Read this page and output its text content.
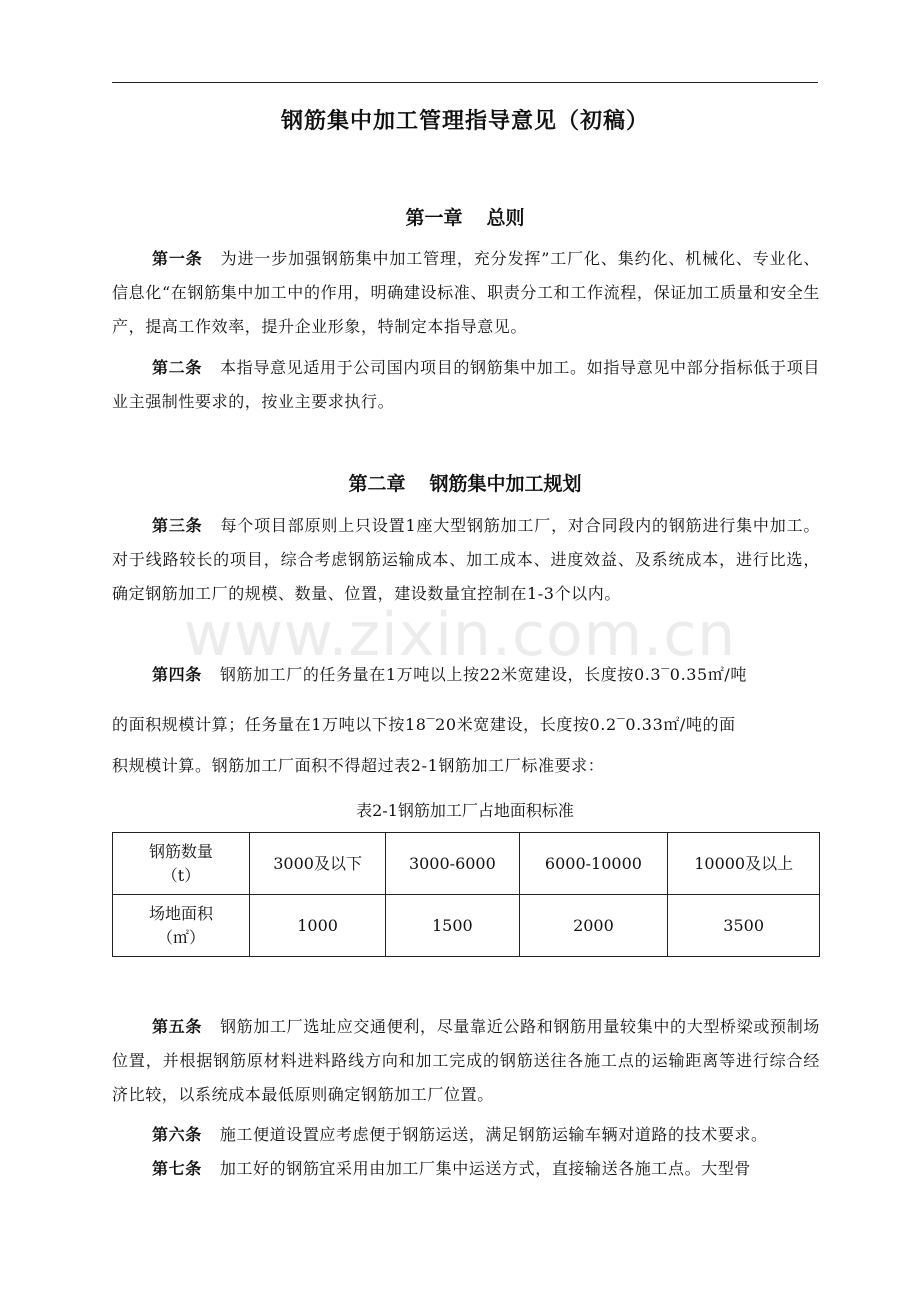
钢筋集中加工管理指导意见（初稿）
第一章 总则
第一条 为进一步加强钢筋集中加工管理，充分发挥”工厂化、集约化、机械化、专业化、信息化“在钢筋集中加工中的作用，明确建设标准、职责分工和工作流程，保证加工质量和安全生产，提高工作效率，提升企业形象，特制定本指导意见。
第二条 本指导意见适用于公司国内项目的钢筋集中加工。如指导意见中部分指标低于项目业主强制性要求的，按业主要求执行。
第二章 钢筋集中加工规划
第三条 每个项目部原则上只设置1座大型钢筋加工厂，对合同段内的钢筋进行集中加工。对于线路较长的项目，综合考虑钢筋运输成本、加工成本、进度效益、及系统成本，进行比选，确定钢筋加工厂的规模、数量、位置，建设数量宜控制在1-3个以内。
第四条 钢筋加工厂的任务量在1万吨以上按22米宽建设，长度按0.3‾0.35㎡/吨
的面积规模计算；任务量在1万吨以下按18‾20米宽建设，长度按0.2‾0.33㎡/吨的面
积规模计算。钢筋加工厂面积不得超过表2-1钢筋加工厂标准要求：
表2-1钢筋加工厂占地面积标准
钢筋数量
（t）	3000及以下	3000-6000	6000-10000	10000及以上

场地面积
（㎡）	1000	1500	2000	3500
第五条 钢筋加工厂选址应交通便利，尽量靠近公路和钢筋用量较集中的大型桥梁或预制场位置，并根据钢筋原材料进料路线方向和加工完成的钢筋送往各施工点的运输距离等进行综合经济比较，以系统成本最低原则确定钢筋加工厂位置。
第六条 施工便道设置应考虑便于钢筋运送，满足钢筋运输车辆对道路的技术要求。
第七条 加工好的钢筋宜采用由加工厂集中运送方式，直接输送各施工点。大型骨
www.zixin.com.cn
